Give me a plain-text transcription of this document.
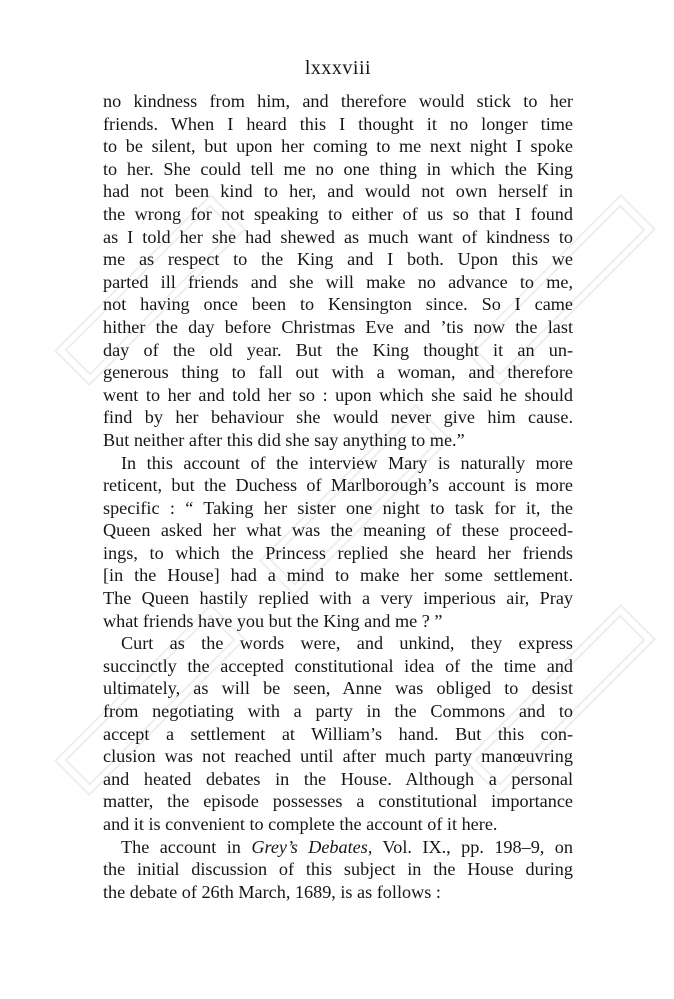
lxxxviii
no kindness from him, and therefore would stick to her
friends. When I heard this I thought it no longer time
to be silent, but upon her coming to me next night I spoke
to her. She could tell me no one thing in which the King
had not been kind to her, and would not own herself in
the wrong for not speaking to either of us so that I found
as I told her she had shewed as much want of kindness to
me as respect to the King and I both. Upon this we
parted ill friends and she will make no advance to me,
not having once been to Kensington since. So I came
hither the day before Christmas Eve and ’tis now the last
day of the old year. But the King thought it an un-
generous thing to fall out with a woman, and therefore
went to her and told her so : upon which she said he should
find by her behaviour she would never give him cause.
But neither after this did she say anything to me.”
In this account of the interview Mary is naturally more
reticent, but the Duchess of Marlborough’s account is more
specific : “ Taking her sister one night to task for it, the
Queen asked her what was the meaning of these proceed-
ings, to which the Princess replied she heard her friends
[in the House] had a mind to make her some settlement.
The Queen hastily replied with a very imperious air, Pray
what friends have you but the King and me ? ”
Curt as the words were, and unkind, they express
succinctly the accepted constitutional idea of the time and
ultimately, as will be seen, Anne was obliged to desist
from negotiating with a party in the Commons and to
accept a settlement at William’s hand. But this con-
clusion was not reached until after much party manœuvring
and heated debates in the House. Although a personal
matter, the episode possesses a constitutional importance
and it is convenient to complete the account of it here.
The account in Grey’s Debates, Vol. IX., pp. 198–9, on
the initial discussion of this subject in the House during
the debate of 26th March, 1689, is as follows :
